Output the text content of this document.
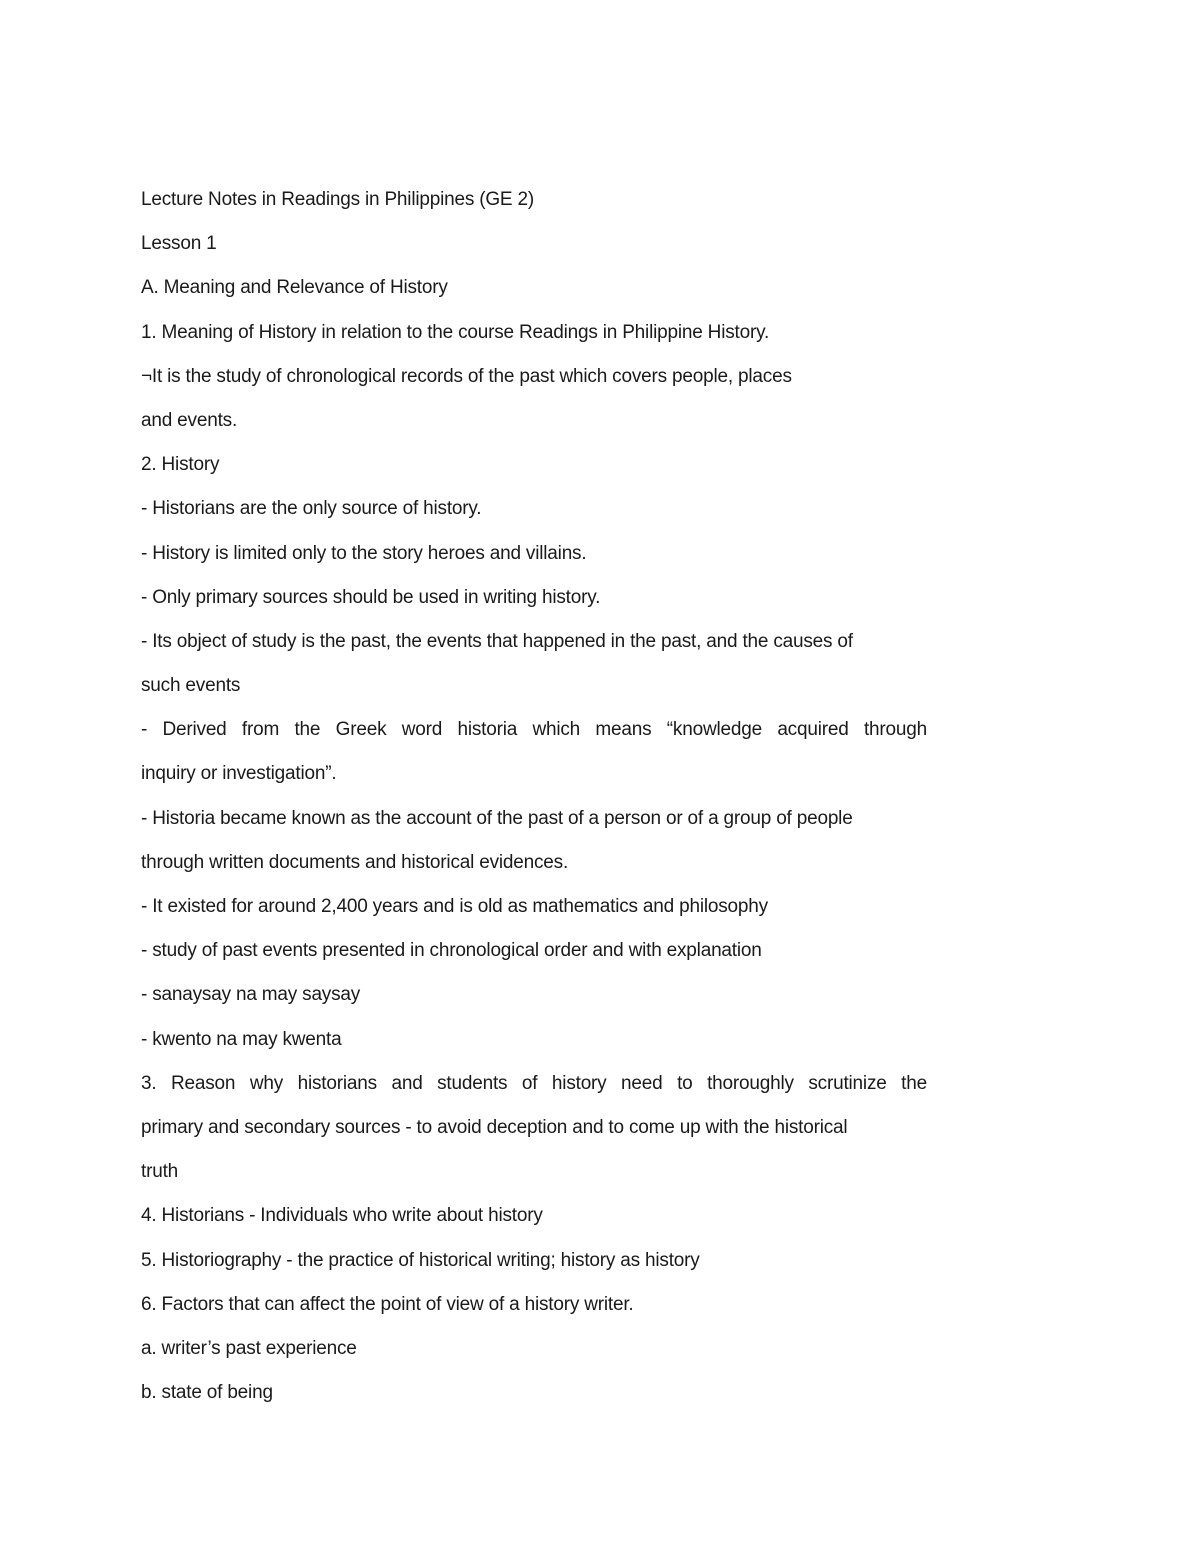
Lecture Notes in Readings in Philippines (GE 2)
Lesson 1
A. Meaning and Relevance of History
1. Meaning of History in relation to the course Readings in Philippine History.
¬It is the study of chronological records of the past which covers people, places
and events.
2. History
- Historians are the only source of history.
- History is limited only to the story heroes and villains.
- Only primary sources should be used in writing history.
- Its object of study is the past, the events that happened in the past, and the causes of
such events
- Derived from the Greek word historia which means “knowledge acquired through
inquiry or investigation”.
- Historia became known as the account of the past of a person or of a group of people
through written documents and historical evidences.
- It existed for around 2,400 years and is old as mathematics and philosophy
- study of past events presented in chronological order and with explanation
- sanaysay na may saysay
- kwento na may kwenta
3. Reason why historians and students of history need to thoroughly scrutinize the
primary and secondary sources - to avoid deception and to come up with the historical
truth
4. Historians - Individuals who write about history
5. Historiography - the practice of historical writing; history as history
6. Factors that can affect the point of view of a history writer.
a. writer’s past experience
b. state of being
